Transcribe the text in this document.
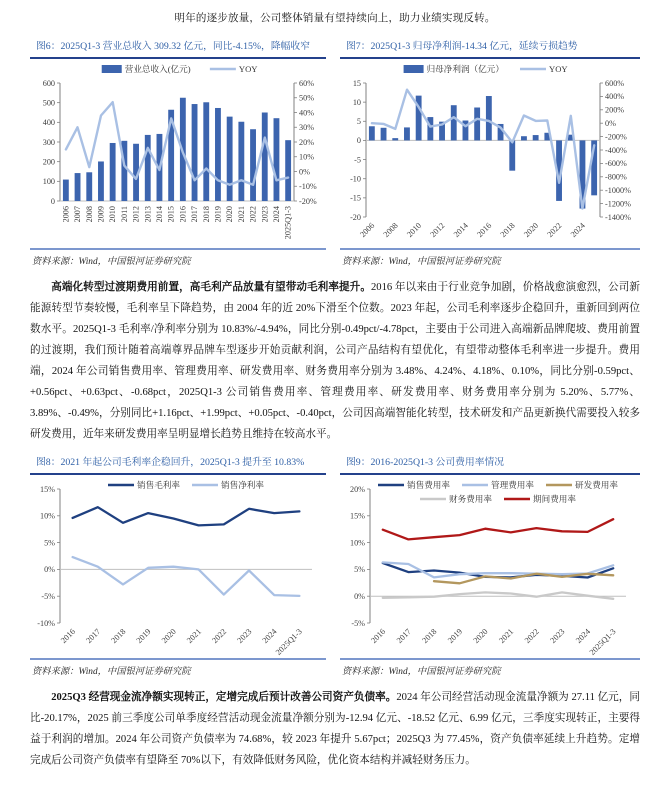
明年的逐步放量，公司整体销量有望持续向上，助力业绩实现反转。

图6：2025Q1-3 营业总收入 309.32 亿元，同比-4.15%，降幅收窄
0
100
200
300
400
500
600
-20%
-10%
0%
10%
20%
30%
40%
50%
60%
2006 2007 2008 2009 2010 2011 2012 2013 2014 2015 2016 2017 2018 2019 2020 2021 2022 2023 2024 2025Q1-3
营业总收入(亿元)	YOY
资料来源：Wind，中国银河证券研究院
图7：2025Q1-3 归母净利润-14.34 亿元，延续亏损趋势
-20
-15
-10
-5
0
5
10
15
-1400%
-1200%
-1000%
-800%
-600%
-400%
-200%
0%
200%
400%
600%
2006 2008 2010 2012 2014 2016 2018 2020 2022 2024
归母净利润（亿元）	YOY
资料来源：Wind，中国银河证券研究院

高端化转型过渡期费用前置，高毛利产品放量有望带动毛利率提升。2016 年以来由于行业竞争加剧，价格战愈演愈烈，公司新能源转型节奏较慢，毛利率呈下降趋势，由 2004 年的近 20%下滑至个位数。2023 年起，公司毛利率逐步企稳回升，重新回到两位数水平。2025Q1-3 毛利率/净利率分别为 10.83%/-4.94%，同比分别-0.49pct/-4.78pct，主要由于公司进入高端新品牌爬坡、费用前置的过渡期，我们预计随着高端尊界品牌车型逐步开始贡献利润，公司产品结构有望优化，有望带动整体毛利率进一步提升。费用端，2024 年公司销售费用率、管理费用率、研发费用率、财务费用率分别为 3.48%、4.24%、4.18%、0.10%，同比分别-0.59pct、+0.56pct、+0.63pct、-0.68pct，2025Q1-3 公司销售费用率、管理费用率、研发费用率、财务费用率分别为 5.20%、5.77%、3.89%、-0.49%，分别同比+1.16pct、+1.99pct、+0.05pct、-0.40pct，公司因高端智能化转型，技术研发和产品更新换代需要投入较多研发费用，近年来研发费用率呈明显增长趋势且维持在较高水平。

图8：2021 年起公司毛利率企稳回升，2025Q1-3 提升至 10.83%
-10%
-5%
0%
5%
10%
15%
2016 2017 2018 2019 2020 2021 2022 2023 2024
2025Q1-3
销售毛利率	销售净利率
资料来源：Wind，中国银河证券研究院
图9：2016-2025Q1-3 公司费用率情况
-5%
0%
5%
10%
15%
20%
2016 2017 2018 2019 2020 2021 2022 2023 2024
2025Q1-3
销售费用率	管理费用率	研发费用率
财务费用率	期间费用率
资料来源：Wind，中国银河证券研究院

2025Q3 经营现金流净额实现转正，定增完成后预计改善公司资产负债率。2024 年公司经营活动现金流量净额为 27.11 亿元，同比-20.17%，2025 前三季度公司单季度经营活动现金流量净额分别为-12.94 亿元、-18.52 亿元、6.99 亿元，三季度实现转正，主要得益于利润的增加。2024 年公司资产负债率为 74.68%，较 2023 年提升 5.67pct；2025Q3 为 77.45%，资产负债率延续上升趋势。定增完成后公司资产负债率有望降至 70%以下，有效降低财务风险，优化资本结构并减轻财务压力。
